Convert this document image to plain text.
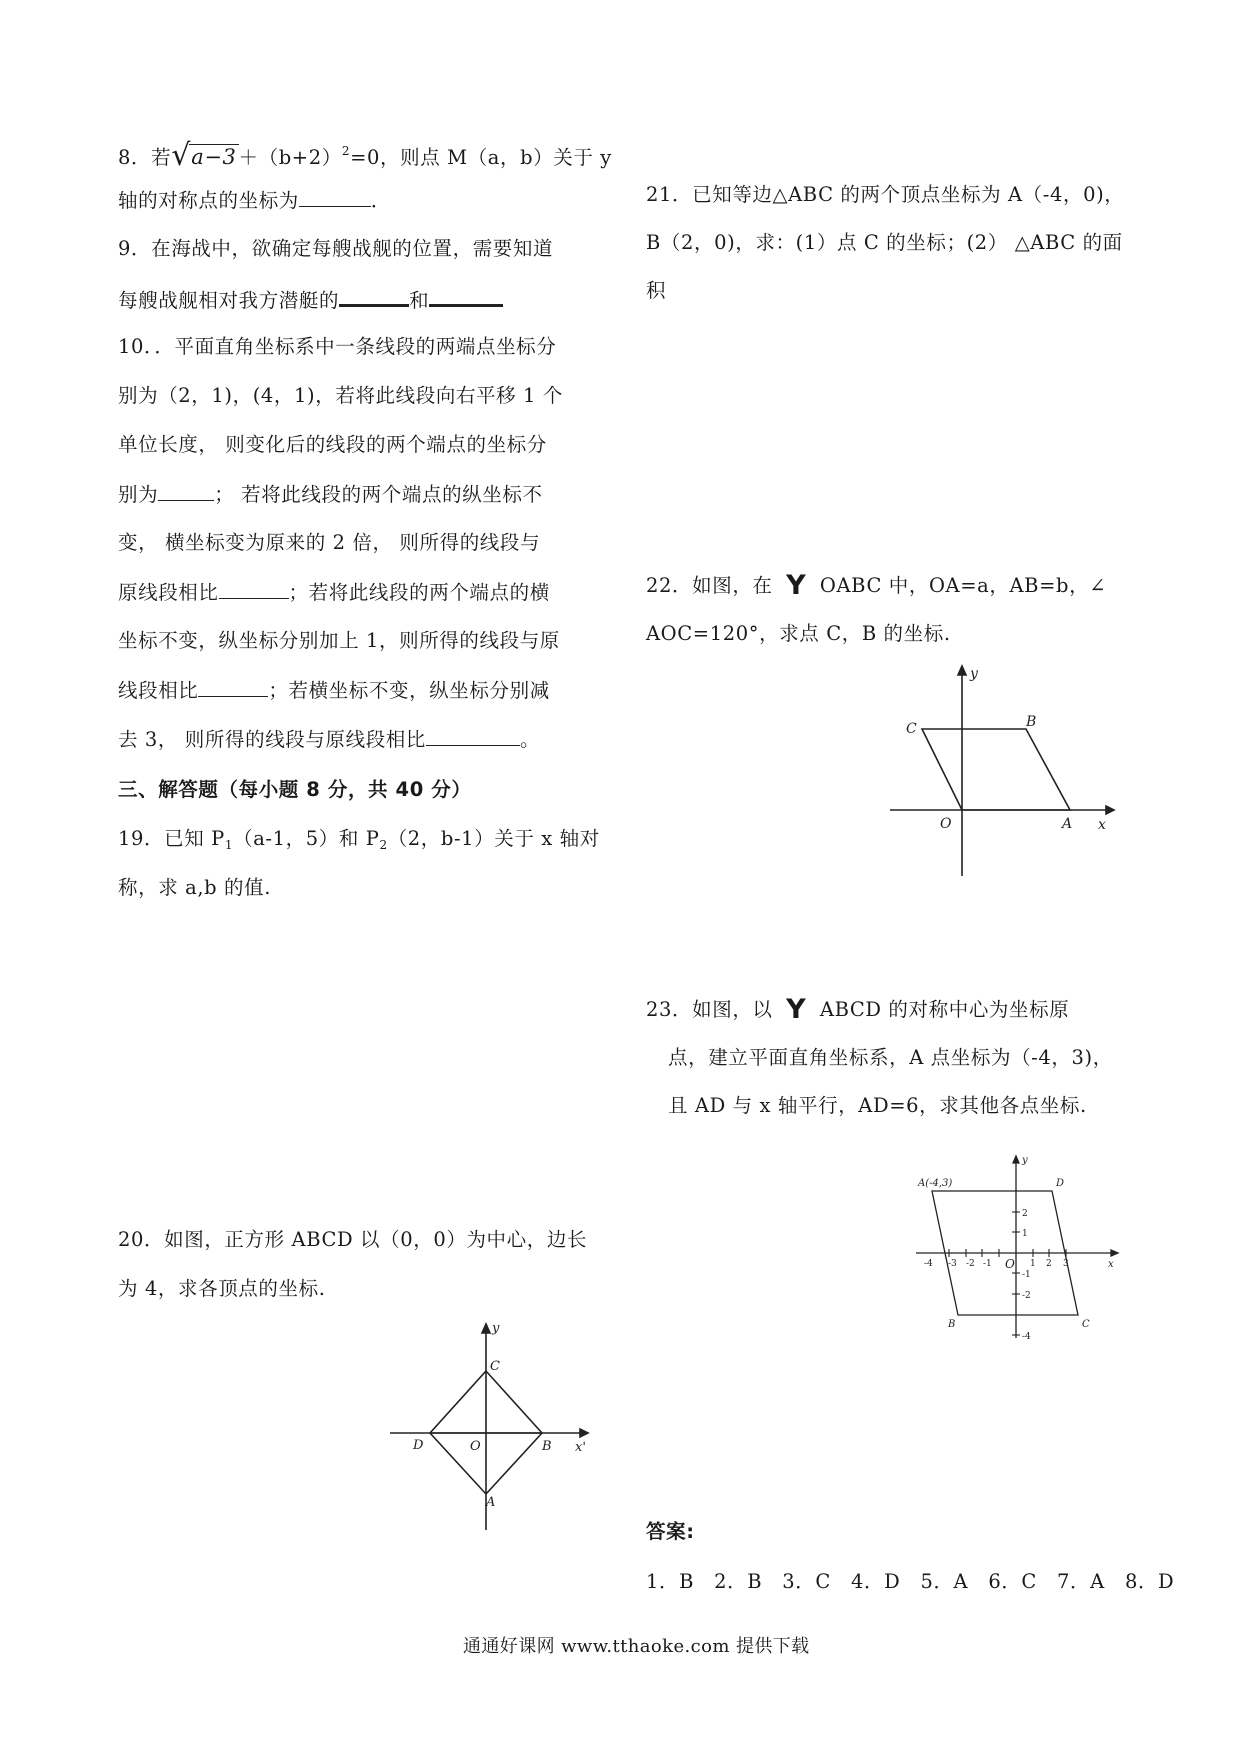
8．若 √ $a-3 +(b+2)^2=0$，则点 M（a，b）关于 y
轴的对称点的坐标为	．
9．在海战中，欲确定每艘战舰的位置，需要知道
每艘战舰相对我方潜艇的	和
10．．平面直角坐标系中一条线段的两端点坐标分
别为（2，1)，(4，1)，若将此线段向右平移 1 个
单位长度， 则变化后的线段的两个端点的坐标分
别为	； 若将此线段的两个端点的纵坐标不
变， 横坐标变为原来的 2 倍， 则所得的线段与
原线段相比	；若将此线段的两个端点的横
坐标不变，纵坐标分别加上 1，则所得的线段与原
线段相比	；若横坐标不变，纵坐标分别减
去 3， 则所得的线段与原线段相比	。
三、解答题（每小题 8 分，共 40 分）
19．已知 $P_1(a-1$，5）和 $P_2(2$，b-1）关于 x 轴对
称，求 a,b 的值.
20．如图，正方形 ABCD 以（0，0）为中心，边长
为 4，求各顶点的坐标.
y
x'
C
D	O	B
A
21．已知等边△ABC 的两个顶点坐标为 A（-4，0)，
B（2，0)，求：(1）点 C 的坐标；(2） △ABC 的面
积
22．如图，在 Y OABC 中，OA=a，AB=b，∠
AOC=120°，求点 C，B 的坐标.
y
x
C	B
O	A
23．如图，以 Y ABCD 的对称中心为坐标原
点，建立平面直角坐标系，A 点坐标为（-4，3)，
且 AD 与 x 轴平行，AD=6，求其他各点坐标.
y
x
A(-4,3)	D
B	C
O
2
1
-1
-2
-4
-4 -3 -2 -1	1 2 3
答案:
1．B　2．B　3．C　4．D　5．A　6．C　7．A　8．D
通通好课网 www.tthaoke.com 提供下载
